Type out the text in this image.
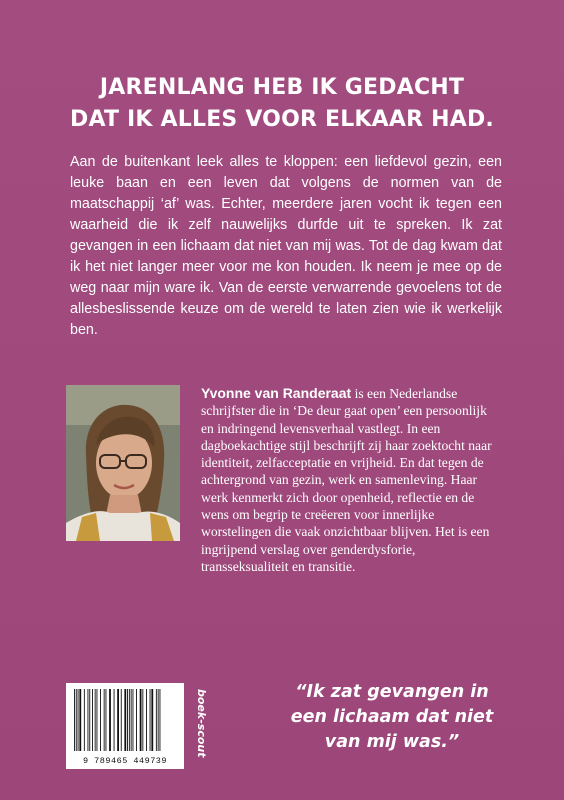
JARENLANG HEB IK GEDACHT
DAT IK ALLES VOOR ELKAAR HAD.
Aan de buitenkant leek alles te kloppen: een liefdevol gezin, een leuke baan en een leven dat volgens de normen van de maatschappij ‘af’ was. Echter, meerdere jaren vocht ik tegen een waarheid die ik zelf nauwelijks durfde uit te spreken. Ik zat gevangen in een lichaam dat niet van mij was. Tot de dag kwam dat ik het niet langer meer voor me kon houden. Ik neem je mee op de weg naar mijn ware ik. Van de eerste verwarrende gevoelens tot de allesbeslissende keuze om de wereld te laten zien wie ik werkelijk ben.
Yvonne van Randeraat is een Nederlandse schrijfster die in ‘De deur gaat open’ een persoonlijk en indringend levensverhaal vastlegt. In een dagboekachtige stijl beschrijft zij haar zoektocht naar identiteit, zelfacceptatie en vrijheid. En dat tegen de achtergrond van gezin, werk en samenleving. Haar werk kenmerkt zich door openheid, reflectie en de wens om begrip te creëeren voor innerlijke worstelingen die vaak onzichtbaar blijven. Het is een ingrijpend verslag over genderdysforie, transseksualiteit en transitie.
9 789465 449739
boek-scout	“Ik zat gevangen in
een lichaam dat niet
van mij was.”
